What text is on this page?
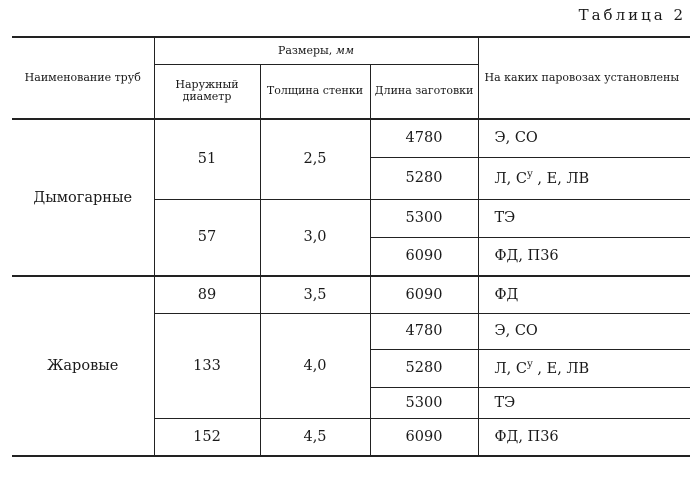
Таблица 2
Наименование труб	Размеры, мм			На каких паровозах установлены
	Наружный диаметр	Толщина стенки	Длина заготовки	
Дымогарные	51	2,5	4780	Э, СО
			5280	Л, $С^у$ , Е, ЛВ
	57	3,0	5300	ТЭ
			6090	ФД, П36
Жаровые	89	3,5	6090	ФД
	133	4,0	4780	Э, СО
			5280	Л, $С^у$ , Е, ЛВ
			5300	ТЭ
	152	4,5	6090	ФД, П36
